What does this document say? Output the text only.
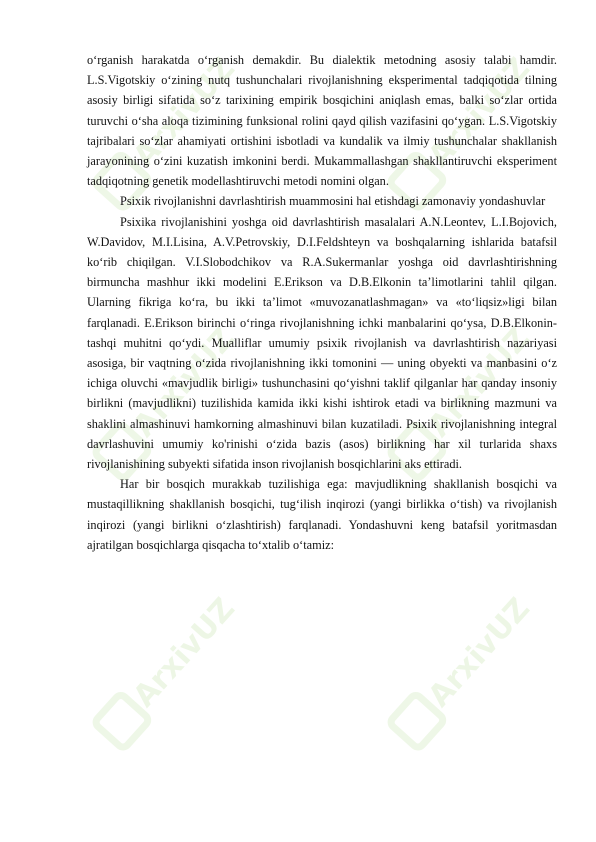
ArxivUZ	ArxivUZ
ArxivUZ	ArxivUZ
ArxivUZ	ArxivUZ

o‘rganish harakatda o‘rganish demakdir. Bu dialektik metodning asosiy talabi hamdir. L.S.Vigotskiy o‘zining nutq tushunchalari rivojlanishning eksperimental tadqiqotida tilning asosiy birligi sifatida so‘z tarixining empirik bosqichini aniqlash emas, balki so‘zlar ortida turuvchi o‘sha aloqa tizimining funksional rolini qayd qilish vazifasini qo‘ygan. L.S.Vigotskiy tajribalari so‘zlar ahamiyati ortishini isbotladi va kundalik va ilmiy tushunchalar shakllanish jarayonining o‘zini kuzatish imkonini berdi. Mukammallashgan shakllantiruvchi eksperiment tadqiqotning genetik modellashtiruvchi metodi nomini olgan.

Psixik rivojlanishni davrlashtirish muammosini hal etishdagi zamonaviy yondashuvlar

Psixika rivojlanishini yoshga oid davrlashtirish masalalari A.N.Leontev, L.I.Bojovich, W.Davidov, M.I.Lisina, A.V.Petrovskiy, D.I.Feldshteyn va boshqalarning ishlarida batafsil ko‘rib chiqilgan. V.I.Slobodchikov va R.A.Sukermanlar yoshga oid davrlashtirishning birmuncha mashhur ikki modelini E.Erikson va D.B.Elkonin ta’limotlarini tahlil qilgan. Ularning fikriga ko‘ra, bu ikki ta’limot «muvozanatlashmagan» va «to‘liqsiz»ligi bilan farqlanadi. E.Erikson birinchi o‘ringa rivojlanishning ichki manbalarini qo‘ysa, D.B.Elkonin-tashqi muhitni qo‘ydi. Mualliflar umumiy psixik rivojlanish va davrlashtirish nazariyasi asosiga, bir vaqtning o‘zida rivojlanishning ikki tomonini — uning obyekti va manbasini o‘z ichiga oluvchi «mavjudlik birligi» tushunchasini qo‘yishni taklif qilganlar har qanday insoniy birlikni (mavjudlikni) tuzilishida kamida ikki kishi ishtirok etadi va birlikning mazmuni va shaklini almashinuvi hamkorning almashinuvi bilan kuzatiladi. Psixik rivojlanishning integral davrlashuvini umumiy ko'rinishi o‘zida bazis (asos) birlikning har xil turlarida shaxs rivojlanishining subyekti sifatida inson rivojlanish bosqichlarini aks ettiradi.

Har bir bosqich murakkab tuzilishiga ega: mavjudlikning shakllanish bosqichi va mustaqillikning shakllanish bosqichi, tug‘ilish inqirozi (yangi birlikka o‘tish) va rivojlanish inqirozi (yangi birlikni o‘zlashtirish) farqlanadi. Yondashuvni keng batafsil yoritmasdan ajratilgan bosqichlarga qisqacha to‘xtalib o‘tamiz:
